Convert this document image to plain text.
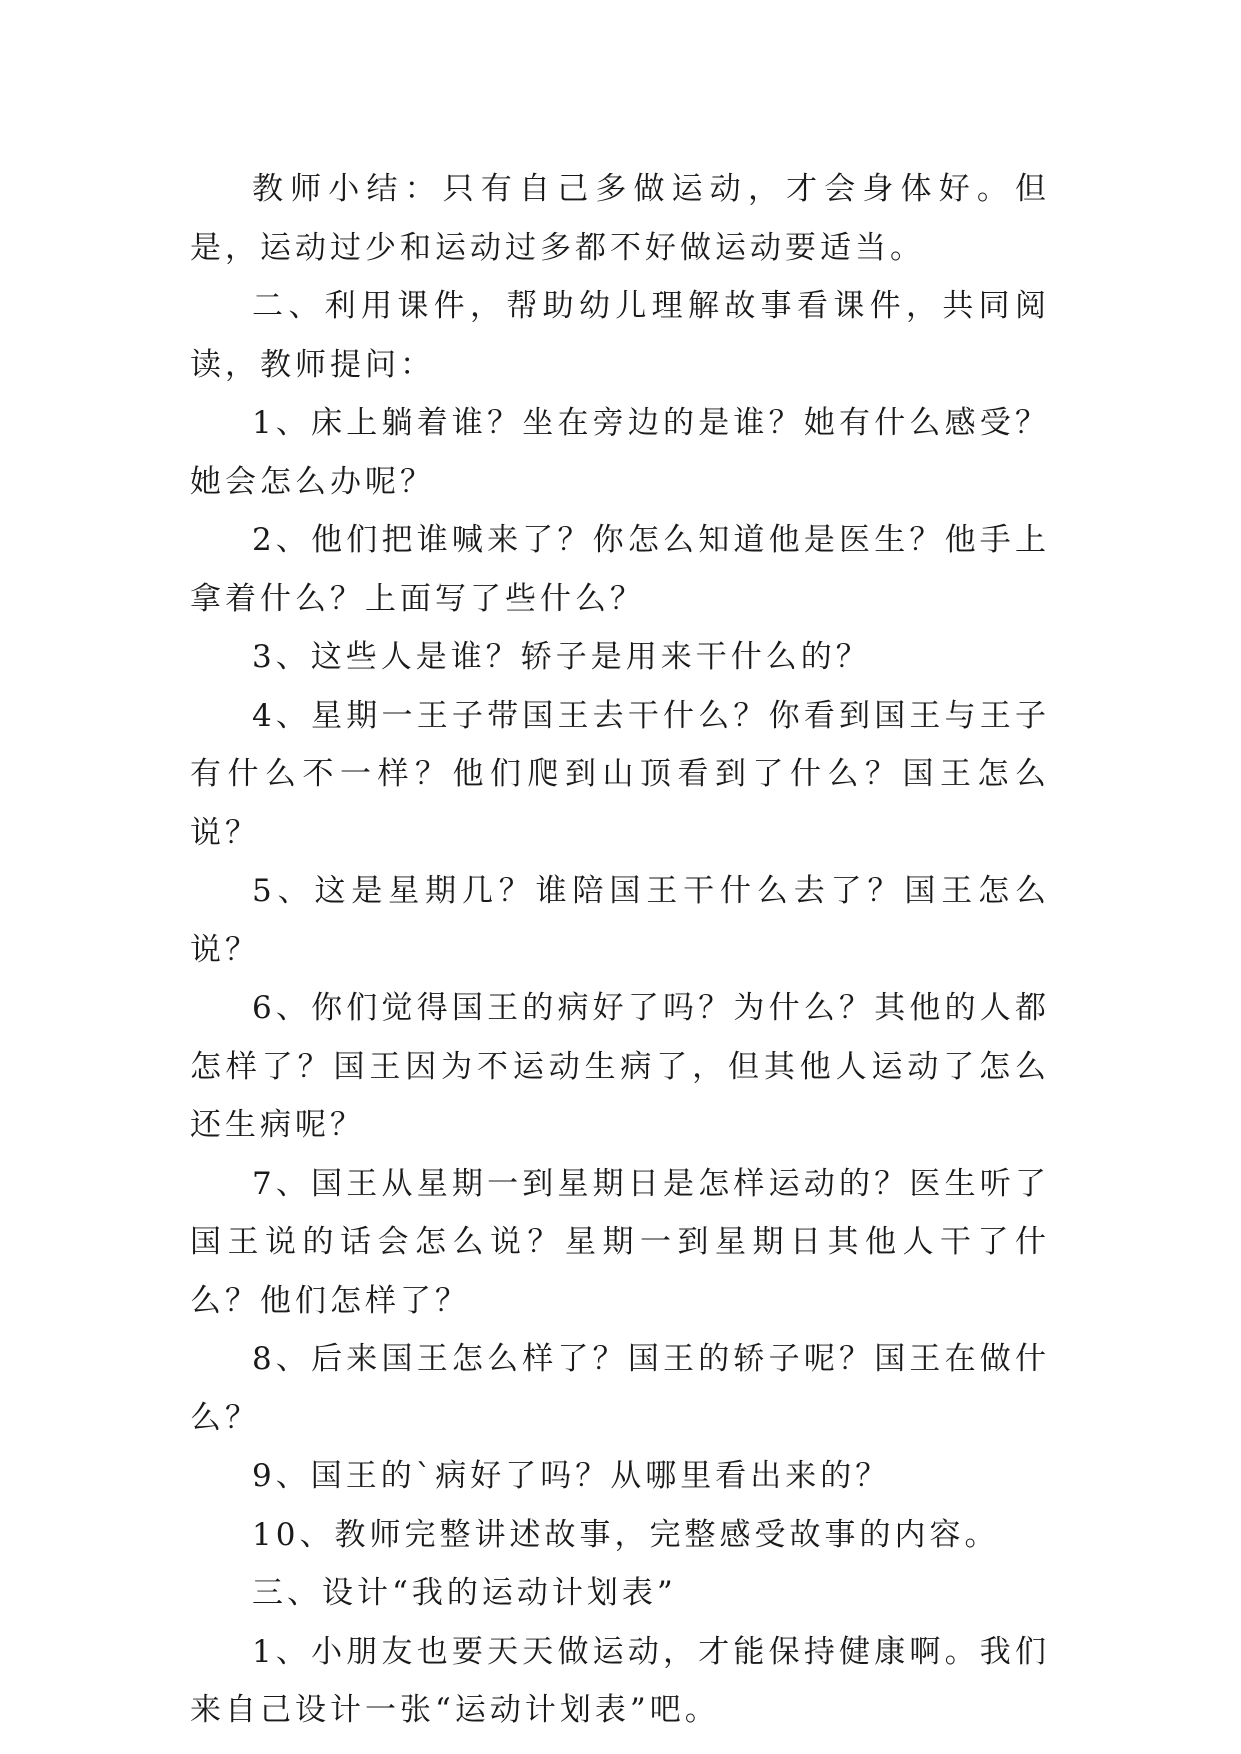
教师小结：只有自己多做运动，才会身体好。但是，运动过少和运动过多都不好做运动要适当。

二、利用课件，帮助幼儿理解故事看课件，共同阅读，教师提问：

1、床上躺着谁？坐在旁边的是谁？她有什么感受？她会怎么办呢？

2、他们把谁喊来了？你怎么知道他是医生？他手上拿着什么？上面写了些什么？

3、这些人是谁？轿子是用来干什么的？

4、星期一王子带国王去干什么？你看到国王与王子有什么不一样？他们爬到山顶看到了什么？国王怎么说？

5、这是星期几？谁陪国王干什么去了？国王怎么说？

6、你们觉得国王的病好了吗？为什么？其他的人都怎样了？国王因为不运动生病了，但其他人运动了怎么还生病呢？

7、国王从星期一到星期日是怎样运动的？医生听了国王说的话会怎么说？星期一到星期日其他人干了什么？他们怎样了？

8、后来国王怎么样了？国王的轿子呢？国王在做什么？

9、国王的`病好了吗？从哪里看出来的？

10、教师完整讲述故事，完整感受故事的内容。

三、设计“我的运动计划表”

1、小朋友也要天天做运动，才能保持健康啊。我们来自己设计一张“运动计划表”吧。
